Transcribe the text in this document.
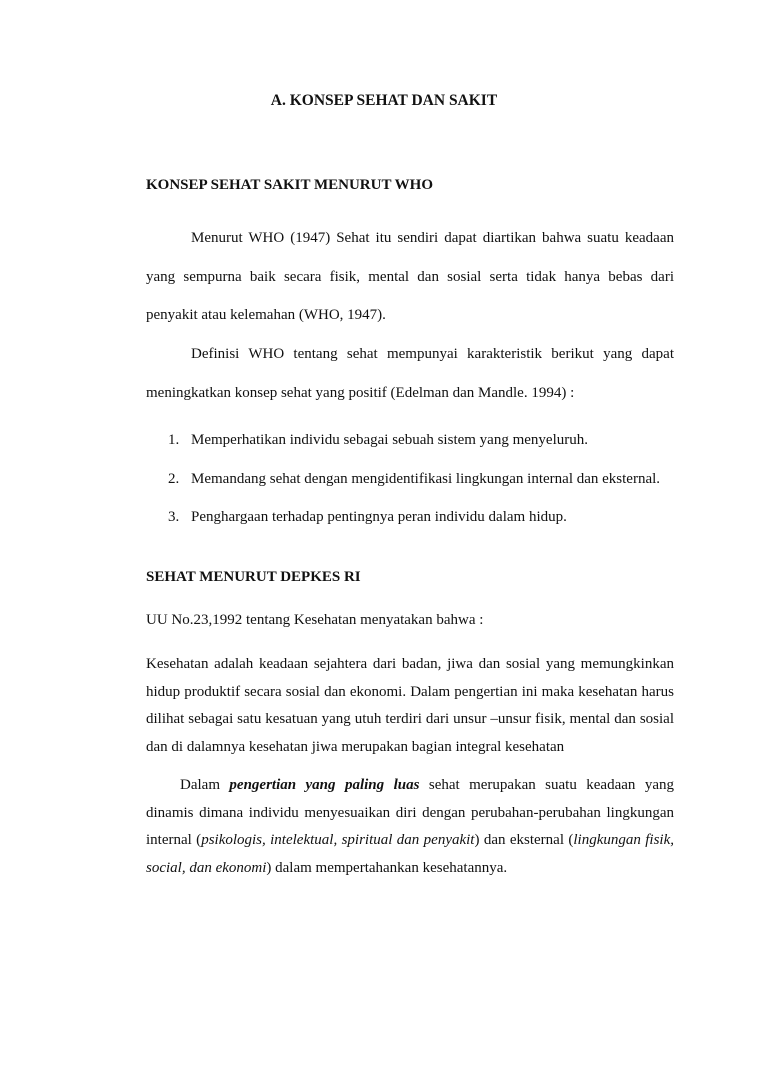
A. KONSEP SEHAT DAN SAKIT
KONSEP SEHAT SAKIT MENURUT WHO

Menurut WHO (1947) Sehat itu sendiri dapat diartikan bahwa suatu keadaan yang sempurna baik secara fisik, mental dan sosial serta tidak hanya bebas dari penyakit atau kelemahan (WHO, 1947).

Definisi WHO tentang sehat mempunyai karakteristik berikut yang dapat meningkatkan konsep sehat yang positif (Edelman dan Mandle. 1994) :

1. Memperhatikan individu sebagai sebuah sistem yang menyeluruh.
2. Memandang sehat dengan mengidentifikasi lingkungan internal dan eksternal.
3. Penghargaan terhadap pentingnya peran individu dalam hidup.
SEHAT MENURUT DEPKES RI

UU No.23,1992 tentang Kesehatan menyatakan bahwa :

Kesehatan adalah keadaan sejahtera dari badan, jiwa dan sosial yang memungkinkan hidup produktif secara sosial dan ekonomi. Dalam pengertian ini maka kesehatan harus dilihat sebagai satu kesatuan yang utuh terdiri dari unsur –unsur fisik, mental dan sosial dan di dalamnya kesehatan jiwa merupakan bagian integral kesehatan

Dalam pengertian yang paling luas sehat merupakan suatu keadaan yang dinamis dimana individu menyesuaikan diri dengan perubahan-perubahan lingkungan internal (psikologis, intelektual, spiritual dan penyakit) dan eksternal (lingkungan fisik, social, dan ekonomi) dalam mempertahankan kesehatannya.
